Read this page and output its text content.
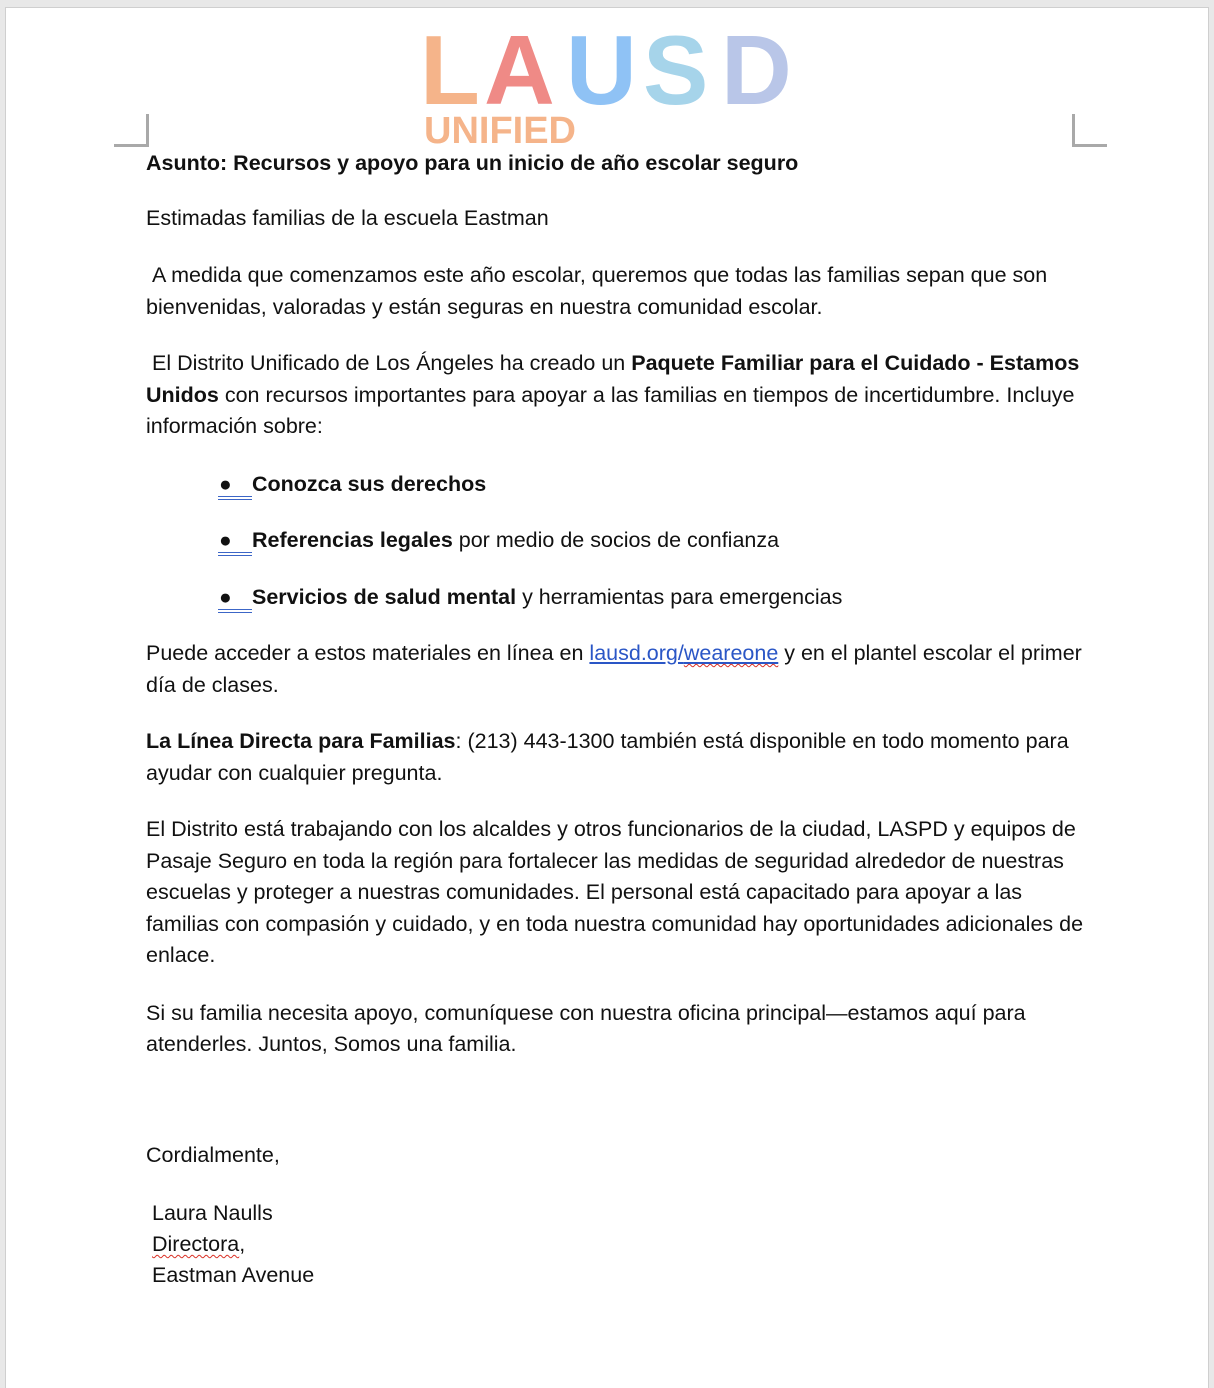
L A U S D
UNIFIED

Asunto: Recursos y apoyo para un inicio de año escolar seguro

Estimadas familias de la escuela Eastman

A medida que comenzamos este año escolar, queremos que todas las familias sepan que son bienvenidas, valoradas y están seguras en nuestra comunidad escolar.

El Distrito Unificado de Los Ángeles ha creado un Paquete Familiar para el Cuidado - Estamos Unidos con recursos importantes para apoyar a las familias en tiempos de incertidumbre. Incluye información sobre:

● Conozca sus derechos
● Referencias legales por medio de socios de confianza
● Servicios de salud mental y herramientas para emergencias

Puede acceder a estos materiales en línea en lausd.org/weareone y en el plantel escolar el primer día de clases.

La Línea Directa para Familias: (213) 443-1300 también está disponible en todo momento para ayudar con cualquier pregunta.

El Distrito está trabajando con los alcaldes y otros funcionarios de la ciudad, LASPD y equipos de Pasaje Seguro en toda la región para fortalecer las medidas de seguridad alrededor de nuestras escuelas y proteger a nuestras comunidades. El personal está capacitado para apoyar a las familias con compasión y cuidado, y en toda nuestra comunidad hay oportunidades adicionales de enlace.

Si su familia necesita apoyo, comuníquese con nuestra oficina principal—estamos aquí para atenderles. Juntos, Somos una familia.

Cordialmente,

Laura Naulls
Directora,
Eastman Avenue
